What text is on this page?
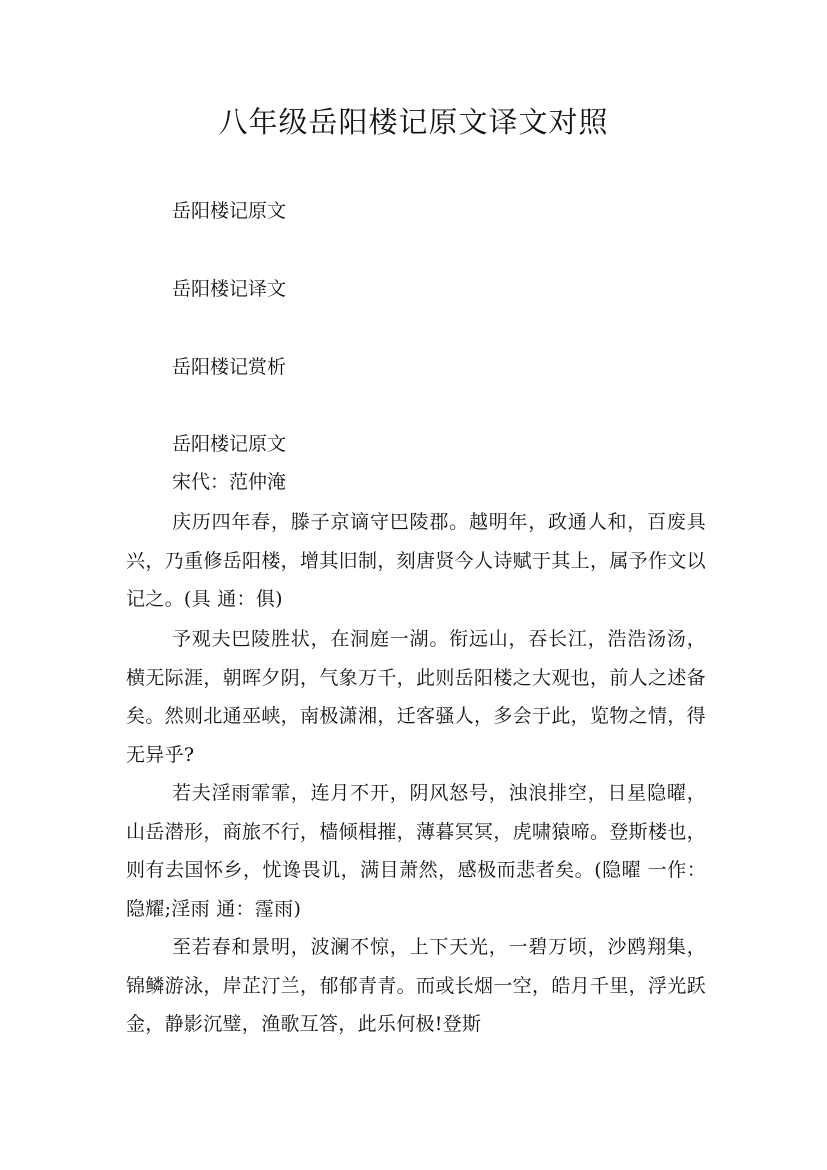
八年级岳阳楼记原文译文对照

岳阳楼记原文

岳阳楼记译文

岳阳楼记赏析

岳阳楼记原文

宋代：范仲淹

庆历四年春，滕子京谪守巴陵郡。越明年，政通人和，百废具兴，乃重修岳阳楼，增其旧制，刻唐贤今人诗赋于其上，属予作文以记之。(具 通：俱)

予观夫巴陵胜状，在洞庭一湖。衔远山，吞长江，浩浩汤汤，横无际涯，朝晖夕阴，气象万千，此则岳阳楼之大观也，前人之述备矣。然则北通巫峡，南极潇湘，迁客骚人，多会于此，览物之情，得无异乎?

若夫淫雨霏霏，连月不开，阴风怒号，浊浪排空，日星隐曜，山岳潜形，商旅不行，樯倾楫摧，薄暮冥冥，虎啸猿啼。登斯楼也，则有去国怀乡，忧谗畏讥，满目萧然，感极而悲者矣。(隐曜 一作：隐耀;淫雨 通：霪雨)

至若春和景明，波澜不惊，上下天光，一碧万顷，沙鸥翔集，锦鳞游泳，岸芷汀兰，郁郁青青。而或长烟一空，皓月千里，浮光跃金，静影沉璧，渔歌互答，此乐何极!登斯
